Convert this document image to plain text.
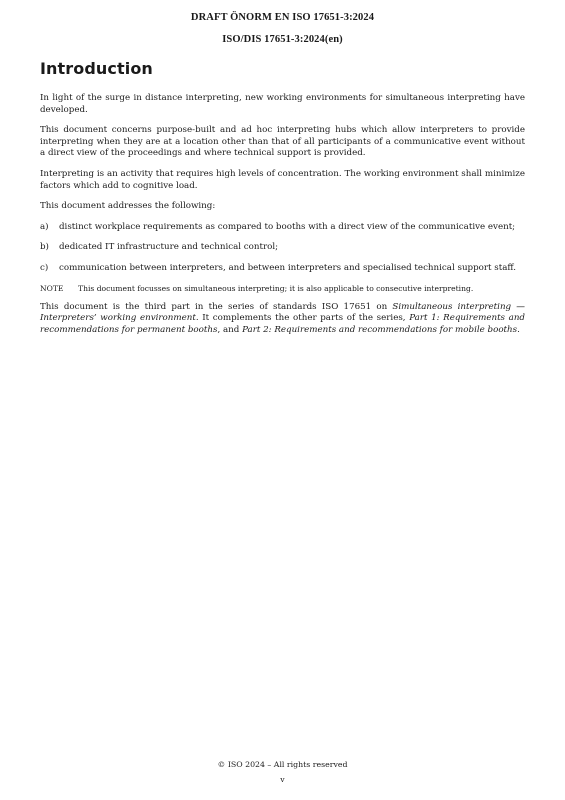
DRAFT ÖNORM EN ISO 17651-3:2024
ISO/DIS 17651-3:2024(en)
Introduction

In light of the surge in distance interpreting, new working environments for simultaneous interpreting have developed.

This document concerns purpose-built and ad hoc interpreting hubs which allow interpreters to provide interpreting when they are at a location other than that of all participants of a communicative event without a direct view of the proceedings and where technical support is provided.

Interpreting is an activity that requires high levels of concentration. The working environment shall minimize factors which add to cognitive load.

This document addresses the following:

a)	distinct workplace requirements as compared to booths with a direct view of the communicative event;
b)	dedicated IT infrastructure and technical control;
c)	communication between interpreters, and between interpreters and specialised technical support staff.
NOTE	This document focusses on simultaneous interpreting; it is also applicable to consecutive interpreting.

This document is the third part in the series of standards ISO 17651 on Simultaneous interpreting — Interpreters’ working environment. It complements the other parts of the series, Part 1: Requirements and recommendations for permanent booths, and Part 2: Requirements and recommendations for mobile booths.

© ISO 2024 – All rights reserved
v
